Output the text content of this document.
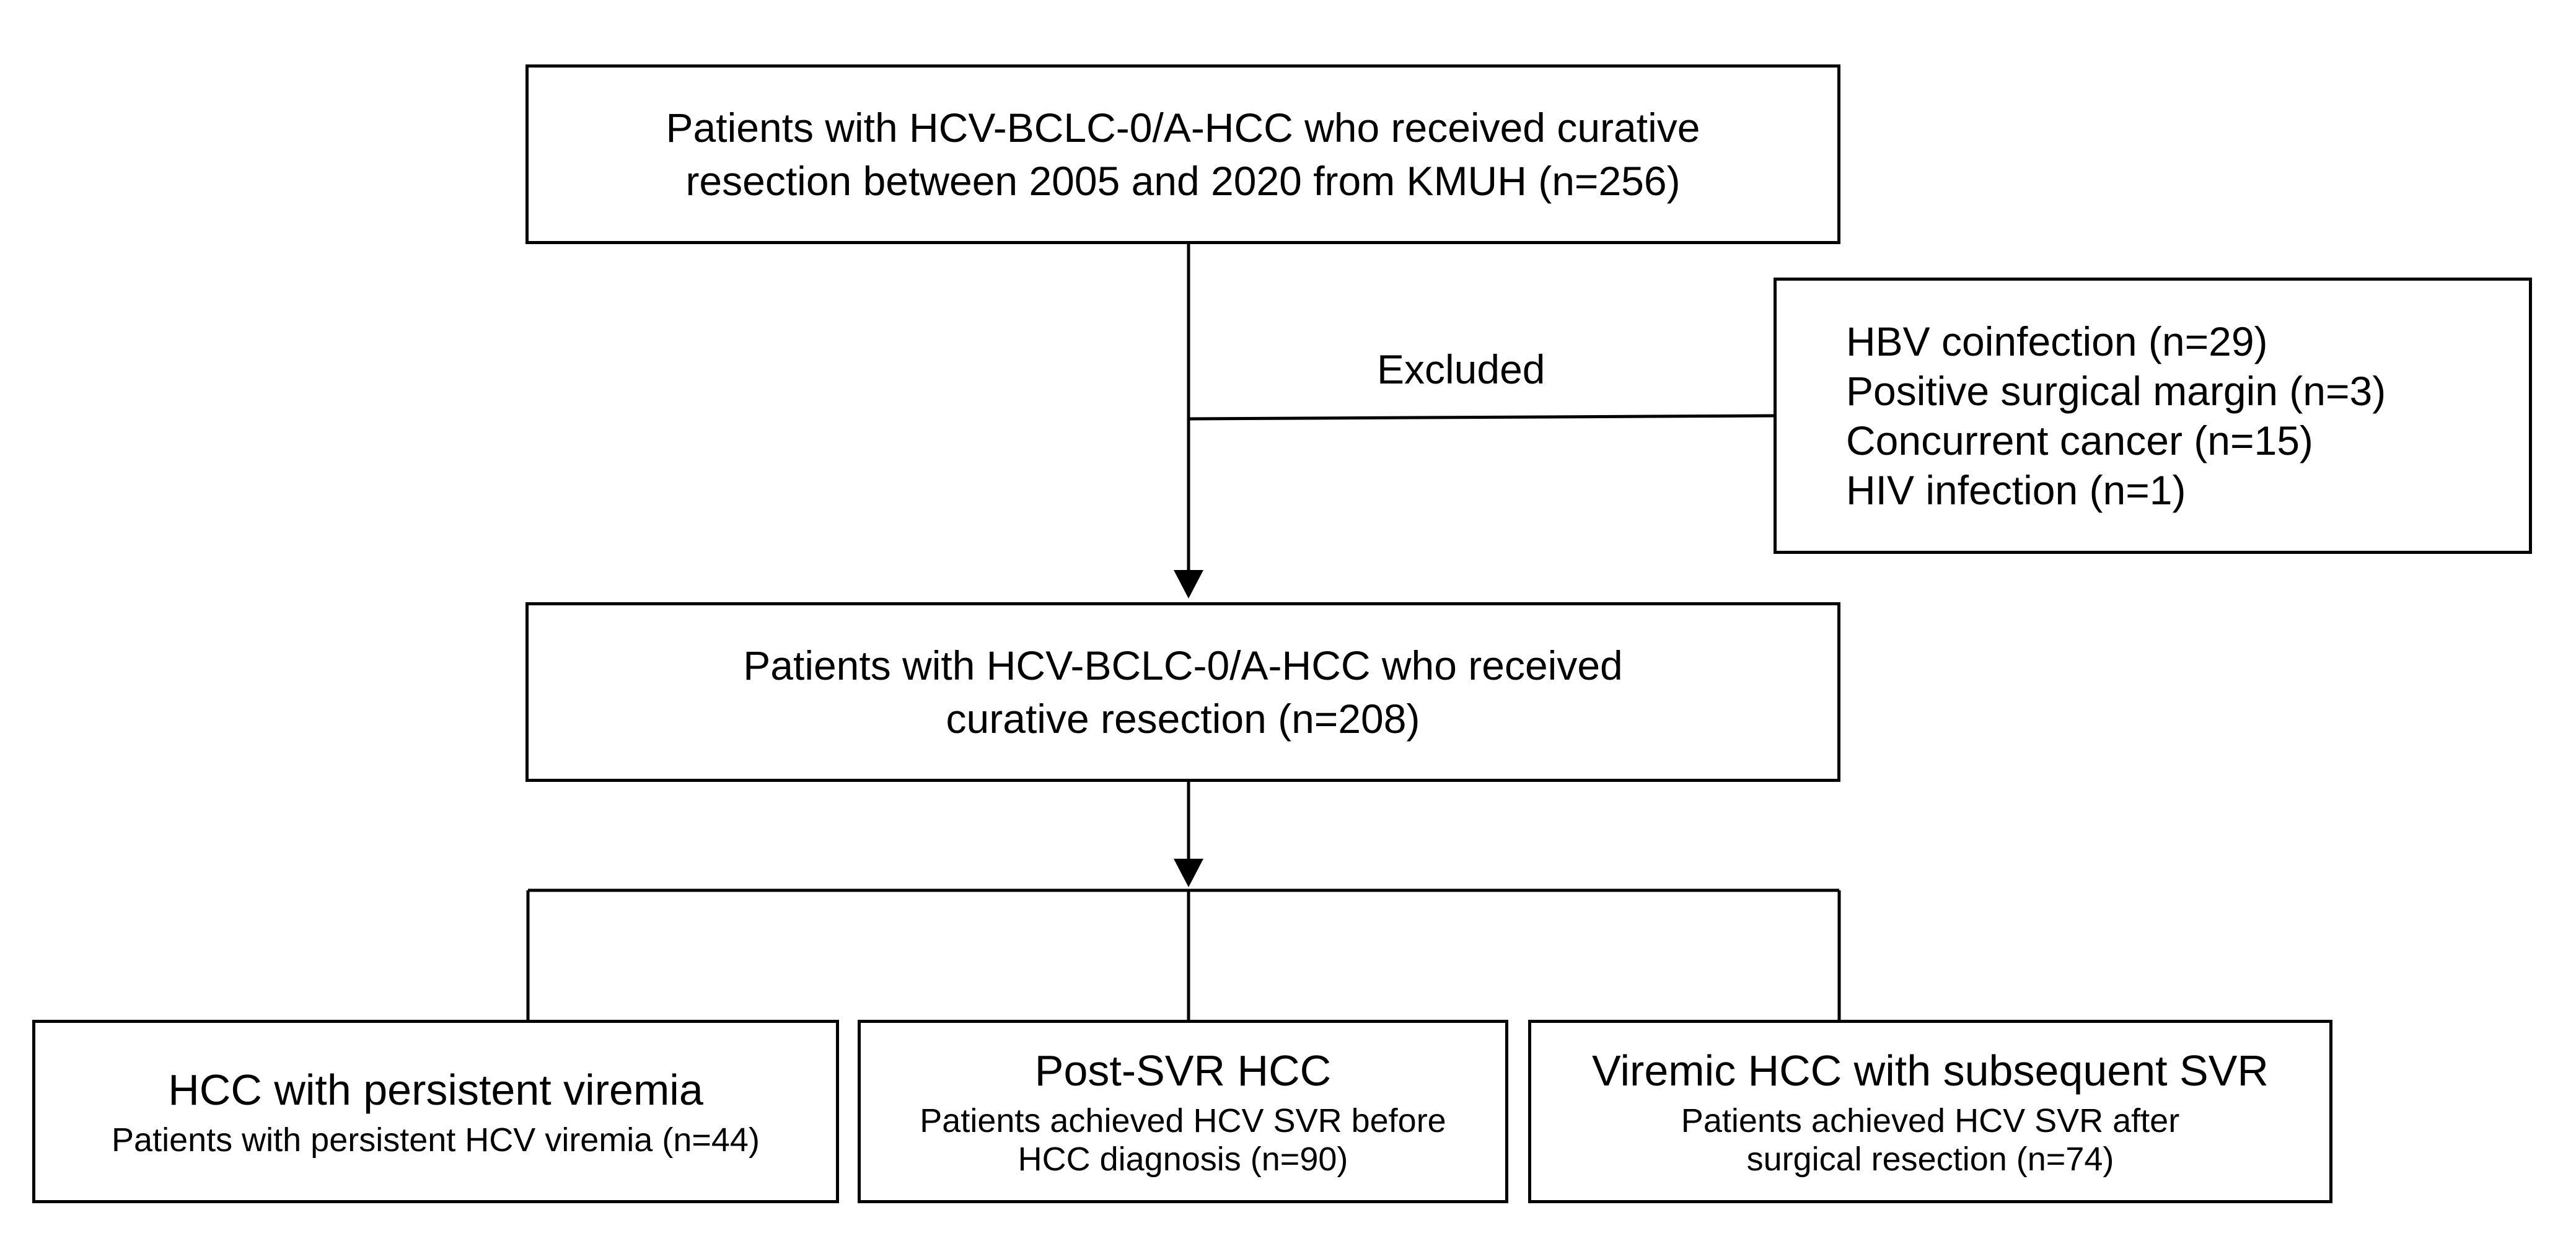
Patients with HCV-BCLC-0/A-HCC who received curative
resection between 2005 and 2020 from KMUH (n=256)
Excluded
HBV coinfection (n=29)
Positive surgical margin (n=3)
Concurrent cancer (n=15)
HIV infection (n=1)
Patients with HCV-BCLC-0/A-HCC who received
curative resection (n=208)
HCC with persistent viremia
Patients with persistent HCV viremia (n=44)
Post-SVR HCC
Patients achieved HCV SVR before
HCC diagnosis (n=90)
Viremic HCC with subsequent SVR
Patients achieved HCV SVR after
surgical resection (n=74)
